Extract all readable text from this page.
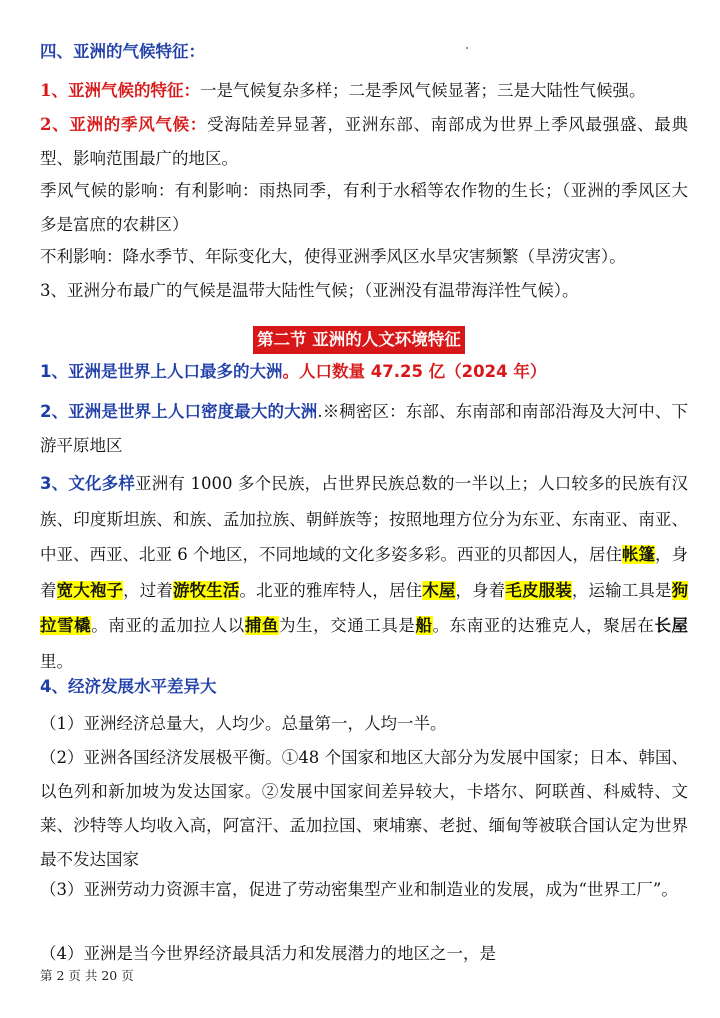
四、亚洲的气候特征：

1、亚洲气候的特征：一是气候复杂多样；二是季风气候显著；三是大陆性气候强。

2、亚洲的季风气候：受海陆差异显著，亚洲东部、南部成为世界上季风最强盛、最典型、影响范围最广的地区。

季风气候的影响：有利影响：雨热同季，有利于水稻等农作物的生长；（亚洲的季风区大多是富庶的农耕区）

不利影响：降水季节、年际变化大，使得亚洲季风区水旱灾害频繁（旱涝灾害）。

3、亚洲分布最广的气候是温带大陆性气候；（亚洲没有温带海洋性气候）。

第二节 亚洲的人文环境特征

1、亚洲是世界上人口最多的大洲。人口数量 47.25 亿（2024 年）

2、亚洲是世界上人口密度最大的大洲.※稠密区：东部、东南部和南部沿海及大河中、下游平原地区

3、文化多样亚洲有 1000 多个民族，占世界民族总数的一半以上；人口较多的民族有汉族、印度斯坦族、和族、孟加拉族、朝鲜族等；按照地理方位分为东亚、东南亚、南亚、中亚、西亚、北亚 6 个地区，不同地域的文化多姿多彩。西亚的贝都因人，居住帐篷，身着宽大袍子，过着游牧生活。北亚的雅库特人，居住木屋，身着毛皮服装，运输工具是狗拉雪橇。南亚的孟加拉人以捕鱼为生，交通工具是船。东南亚的达雅克人，聚居在长屋里。

4、经济发展水平差异大

（1）亚洲经济总量大，人均少。总量第一，人均一半。

（2）亚洲各国经济发展极平衡。①48 个国家和地区大部分为发展中国家；日本、韩国、以色列和新加坡为发达国家。②发展中国家间差异较大，卡塔尔、阿联酋、科威特、文莱、沙特等人均收入高，阿富汗、孟加拉国、柬埔寨、老挝、缅甸等被联合国认定为世界最不发达国家

（3）亚洲劳动力资源丰富，促进了劳动密集型产业和制造业的发展，成为“世界工厂”。

（4）亚洲是当今世界经济最具活力和发展潜力的地区之一，是

第 2 页 共 20 页
